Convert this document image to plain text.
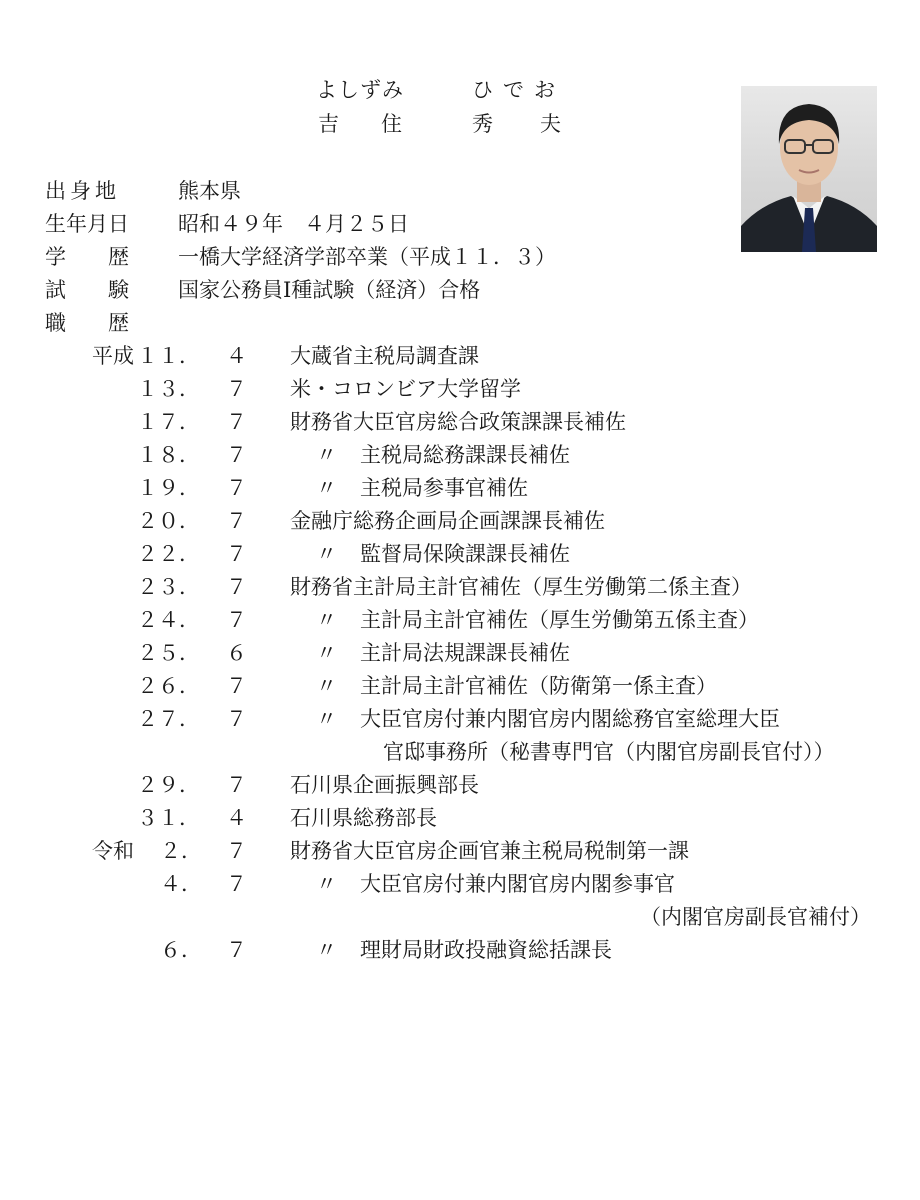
よしずみ	ひでお
吉 住	秀 夫
出身地	熊本県
生年月日 昭和４９年　４月２５日
学　　歴 一橋大学経済学部卒業（平成１１．３）
試　　験 国家公務員Ⅰ種試験（経済）合格
職　　歴
平成 １１． ４ 大蔵省主税局調査課
１３． ７ 米・コロンビア大学留学
１７． ７ 財務省大臣官房総合政策課課長補佐
１８． ７	〃 主税局総務課課長補佐
１９． ７	〃 主税局参事官補佐
２０． ７ 金融庁総務企画局企画課課長補佐
２２． ７	〃 監督局保険課課長補佐
２３． ７ 財務省主計局主計官補佐（厚生労働第二係主査）
２４． ７	〃 主計局主計官補佐（厚生労働第五係主査）
２５． ６	〃 主計局法規課課長補佐
２６． ７	〃 主計局主計官補佐（防衛第一係主査）
２７． ７	〃 大臣官房付兼内閣官房内閣総務官室総理大臣
官邸事務所（秘書専門官（内閣官房副長官付））
２９． ７ 石川県企画振興部長
３１． ４ 石川県総務部長
令和 ２． ７ 財務省大臣官房企画官兼主税局税制第一課
４． ７	〃 大臣官房付兼内閣官房内閣参事官
（内閣官房副長官補付）
６． ７	〃 理財局財政投融資総括課長
